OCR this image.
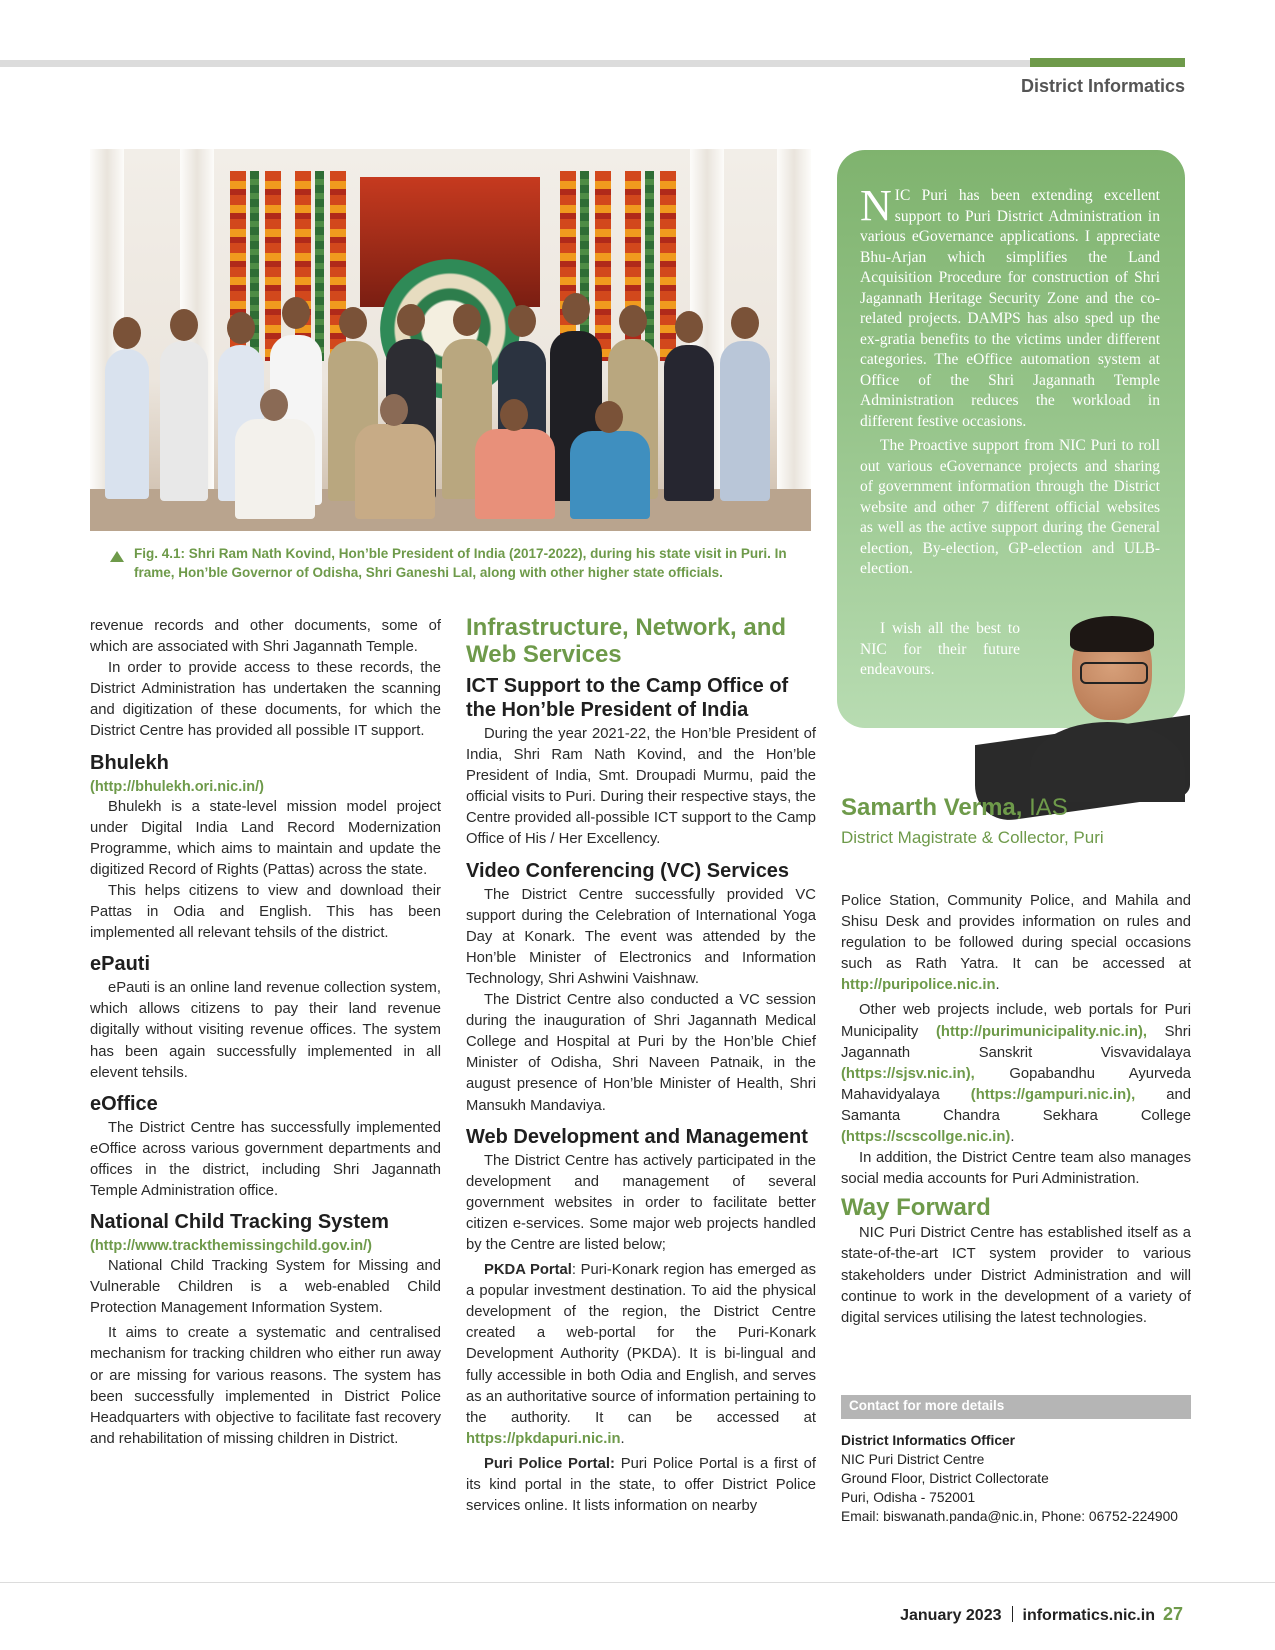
District Informatics
Fig. 4.1: Shri Ram Nath Kovind, Hon’ble President of India (2017-2022), during his state visit in Puri. In frame, Hon’ble Governor of Odisha, Shri Ganeshi Lal, along with other higher state officials.

NIC Puri has been extending excellent support to Puri District Administration in various eGovernance applications. I appreciate Bhu-Arjan which simplifies the Land Acquisition Procedure for construction of Shri Jagannath Heritage Security Zone and the co-related projects. DAMPS has also sped up the ex-gratia benefits to the victims under different categories. The eOffice automation system at Office of the Shri Jagannath Temple Administration reduces the workload in different festive occasions.

The Proactive support from NIC Puri to roll out various eGovernance projects and sharing of government information through the District website and other 7 different official websites as well as the active support during the General election, By-election, GP-election and ULB-election.

I wish all the best to NIC for their future endeavours.
Samarth Verma, IAS
District Magistrate & Collector, Puri

revenue records and other documents, some of which are associated with Shri Jagannath Temple.

In order to provide access to these records, the District Administration has undertaken the scanning and digitization of these documents, for which the District Centre has provided all possible IT support.

Bhulekh
(http://bhulekh.ori.nic.in/)

Bhulekh is a state-level mission model project under Digital India Land Record Modernization Programme, which aims to maintain and update the digitized Record of Rights (Pattas) across the state.

This helps citizens to view and download their Pattas in Odia and English. This has been implemented all relevant tehsils of the district.

ePauti

ePauti is an online land revenue collection system, which allows citizens to pay their land revenue digitally without visiting revenue offices. The system has been again successfully implemented in all elevent tehsils.

eOffice

The District Centre has successfully implemented eOffice across various government departments and offices in the district, including Shri Jagannath Temple Administration office.

National Child Tracking System
(http://www.trackthemissingchild.gov.in/)

National Child Tracking System for Missing and Vulnerable Children is a web-enabled Child Protection Management Information System.

It aims to create a systematic and centralised mechanism for tracking children who either run away or are missing for various reasons. The system has been successfully implemented in District Police Headquarters with objective to facilitate fast recovery and rehabilitation of missing children in District.

Infrastructure, Network, and Web Services
ICT Support to the Camp Office of the Hon’ble President of India

During the year 2021-22, the Hon’ble President of India, Shri Ram Nath Kovind, and the Hon’ble President of India, Smt. Droupadi Murmu, paid the official visits to Puri. During their respective stays, the Centre provided all-possible ICT support to the Camp Office of His / Her Excellency.

Video Conferencing (VC) Services

The District Centre successfully provided VC support during the Celebration of International Yoga Day at Konark. The event was attended by the Hon’ble Minister of Electronics and Information Technology, Shri Ashwini Vaishnaw.

The District Centre also conducted a VC session during the inauguration of Shri Jagannath Medical College and Hospital at Puri by the Hon’ble Chief Minister of Odisha, Shri Naveen Patnaik, in the august presence of Hon’ble Minister of Health, Shri Mansukh Mandaviya.

Web Development and Management

The District Centre has actively participated in the development and management of several government websites in order to facilitate better citizen e-services. Some major web projects handled by the Centre are listed below;

PKDA Portal: Puri-Konark region has emerged as a popular investment destination. To aid the physical development of the region, the District Centre created a web-portal for the Puri-Konark Development Authority (PKDA). It is bi-lingual and fully accessible in both Odia and English, and serves as an authoritative source of information pertaining to the authority. It can be accessed at https://pkdapuri.nic.in.

Puri Police Portal: Puri Police Portal is a first of its kind portal in the state, to offer District Police services online. It lists information on nearby

Police Station, Community Police, and Mahila and Shisu Desk and provides information on rules and regulation to be followed during special occasions such as Rath Yatra. It can be accessed at http://puripolice.nic.in.

Other web projects include, web portals for Puri Municipality (http://purimunicipality.nic.in), Shri Jagannath Sanskrit Visvavidalaya (https://sjsv.nic.in), Gopabandhu Ayurveda Mahavidyalaya (https://gampuri.nic.in), and Samanta Chandra Sekhara College (https://scscollge.nic.in).

In addition, the District Centre team also manages social media accounts for Puri Administration.

Way Forward

NIC Puri District Centre has established itself as a state-of-the-art ICT system provider to various stakeholders under District Administration and will continue to work in the development of a variety of digital services utilising the latest technologies.

Contact for more details
District Informatics Officer
NIC Puri District Centre
Ground Floor, District Collectorate
Puri, Odisha - 752001
Email: biswanath.panda@nic.in, Phone: 06752-224900
January 2023 informatics.nic.in 27
